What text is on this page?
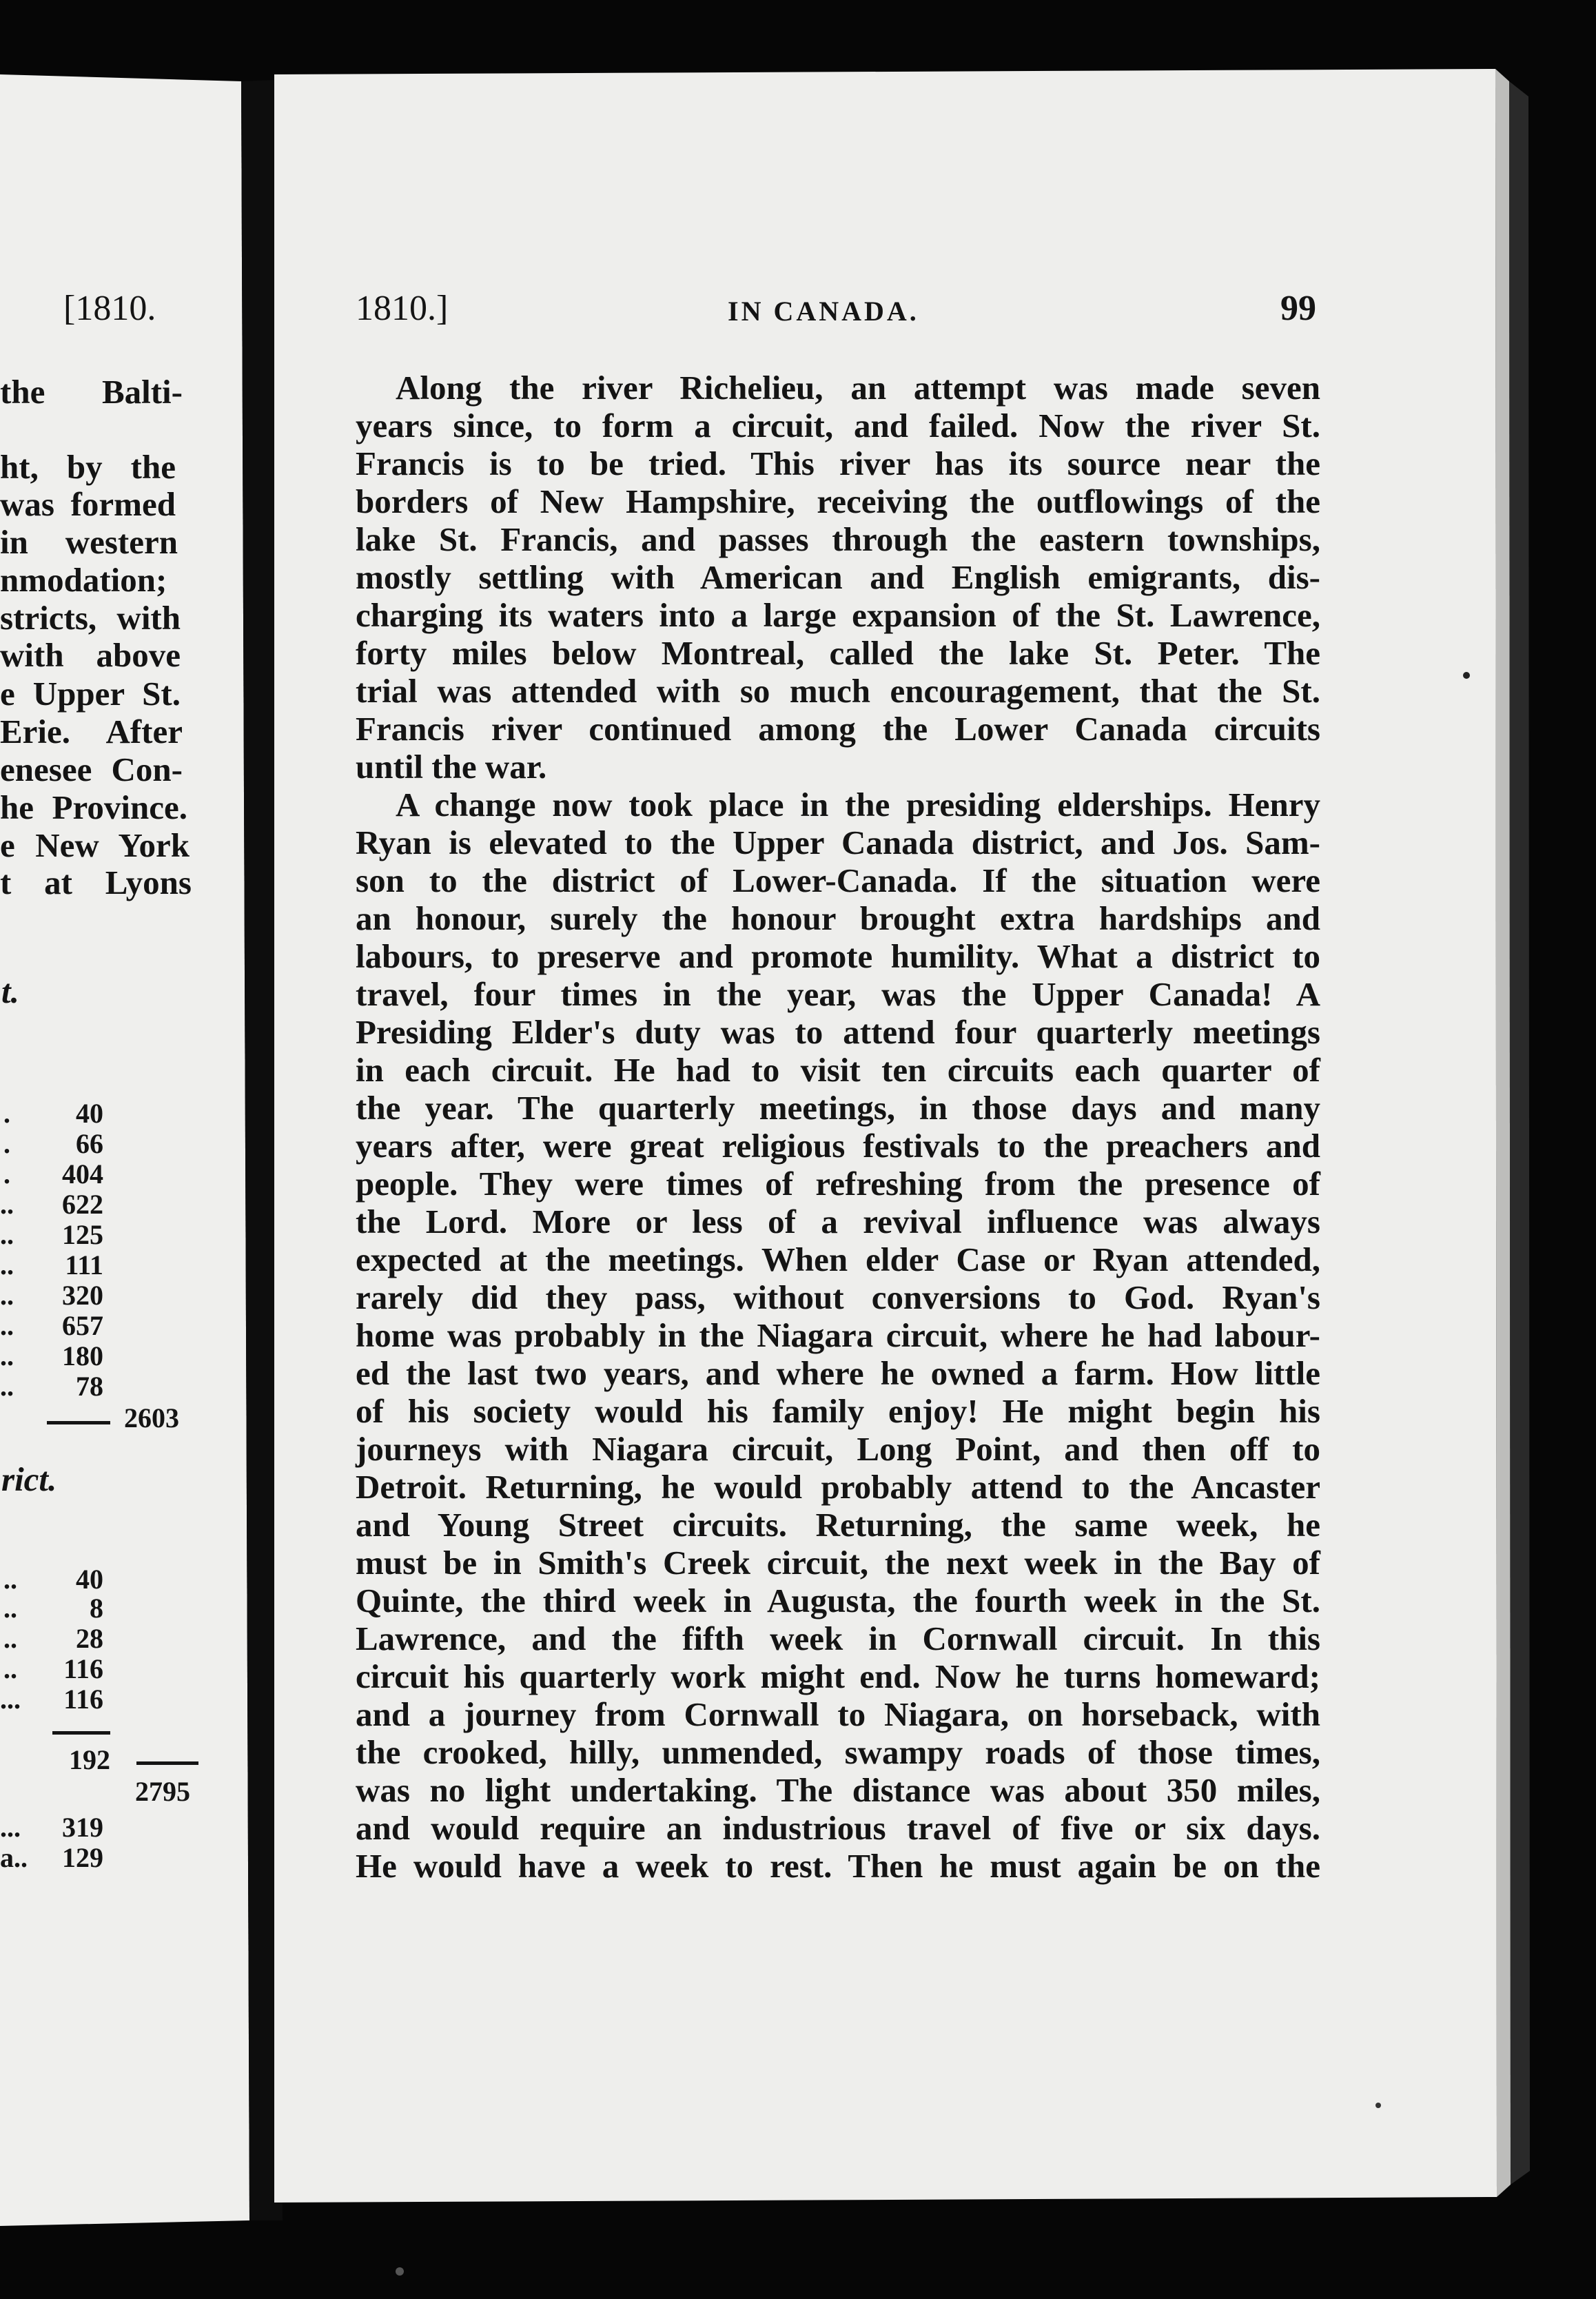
[1810.
the Balti-
ht, by the
was formed
in western
nmodation;
stricts, with
with above
e Upper St.
Erie. After
enesee Con-
he Province.
e New York
t at Lyons
t.
. 40
. 66
. 404
.. 622
.. 125
.. 111
.. 320
.. 657
.. 180
.. 78
2603
rict.
.. 40
..	8
.. 28
.. 116
... 116
192
2795
... 319
a.. 129
1810.]	IN CANADA.	99
Along the river Richelieu, an attempt was made seven
years since, to form a circuit, and failed. Now the river St.
Francis is to be tried. This river has its source near the
borders of New Hampshire, receiving the outflowings of the
lake St. Francis, and passes through the eastern townships,
mostly settling with American and English emigrants, dis-
charging its waters into a large expansion of the St. Lawrence,
forty miles below Montreal, called the lake St. Peter. The
trial was attended with so much encouragement, that the St.
Francis river continued among the Lower Canada circuits
until the war.
A change now took place in the presiding elderships. Henry
Ryan is elevated to the Upper Canada district, and Jos. Sam-
son to the district of Lower-Canada. If the situation were
an honour, surely the honour brought extra hardships and
labours, to preserve and promote humility. What a district to
travel, four times in the year, was the Upper Canada! A
Presiding Elder's duty was to attend four quarterly meetings
in each circuit. He had to visit ten circuits each quarter of
the year. The quarterly meetings, in those days and many
years after, were great religious festivals to the preachers and
people. They were times of refreshing from the presence of
the Lord. More or less of a revival influence was always
expected at the meetings. When elder Case or Ryan attended,
rarely did they pass, without conversions to God. Ryan's
home was probably in the Niagara circuit, where he had labour-
ed the last two years, and where he owned a farm. How little
of his society would his family enjoy! He might begin his
journeys with Niagara circuit, Long Point, and then off to
Detroit. Returning, he would probably attend to the Ancaster
and Young Street circuits. Returning, the same week, he
must be in Smith's Creek circuit, the next week in the Bay of
Quinte, the third week in Augusta, the fourth week in the St.
Lawrence, and the fifth week in Cornwall circuit. In this
circuit his quarterly work might end. Now he turns homeward;
and a journey from Cornwall to Niagara, on horseback, with
the crooked, hilly, unmended, swampy roads of those times,
was no light undertaking. The distance was about 350 miles,
and would require an industrious travel of five or six days.
He would have a week to rest. Then he must again be on the
